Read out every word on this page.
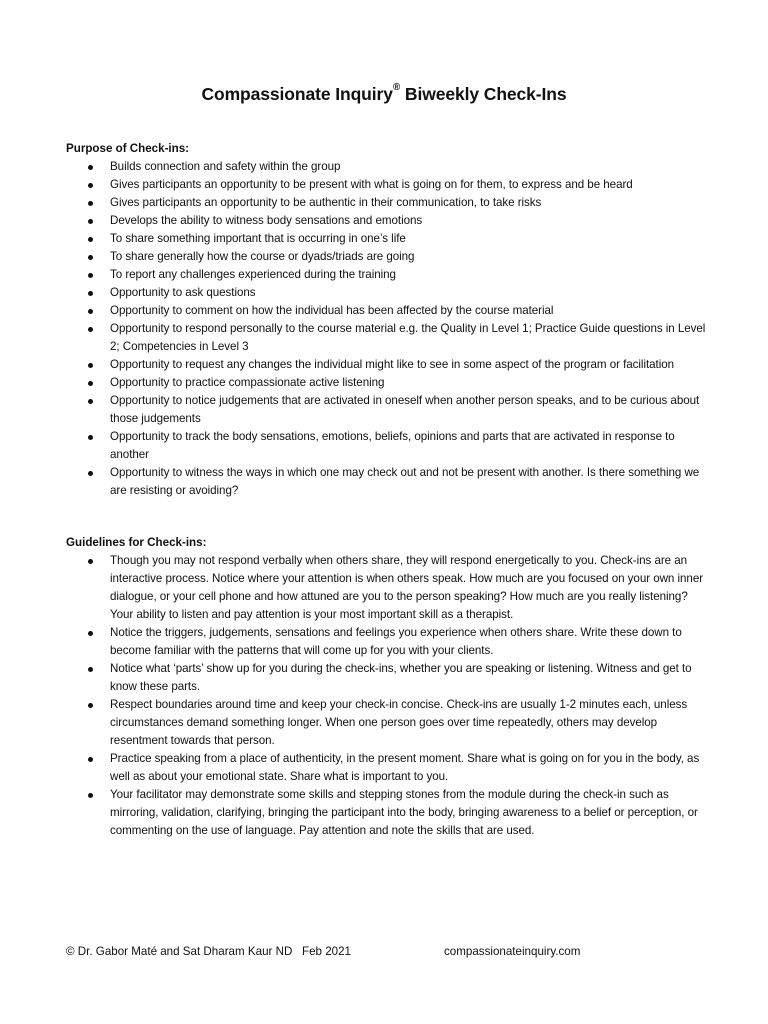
Compassionate Inquiry® Biweekly Check-Ins

Purpose of Check-ins:

Builds connection and safety within the group
Gives participants an opportunity to be present with what is going on for them, to express and be heard
Gives participants an opportunity to be authentic in their communication, to take risks
Develops the ability to witness body sensations and emotions
To share something important that is occurring in one’s life
To share generally how the course or dyads/triads are going
To report any challenges experienced during the training
Opportunity to ask questions
Opportunity to comment on how the individual has been affected by the course material
Opportunity to respond personally to the course material e.g. the Quality in Level 1; Practice Guide questions in Level 2; Competencies in Level 3
Opportunity to request any changes the individual might like to see in some aspect of the program or facilitation
Opportunity to practice compassionate active listening
Opportunity to notice judgements that are activated in oneself when another person speaks, and to be curious about those judgements
Opportunity to track the body sensations, emotions, beliefs, opinions and parts that are activated in response to another
Opportunity to witness the ways in which one may check out and not be present with another. Is there something we are resisting or avoiding?

Guidelines for Check-ins:

Though you may not respond verbally when others share, they will respond energetically to you. Check-ins are an interactive process. Notice where your attention is when others speak. How much are you focused on your own inner dialogue, or your cell phone and how attuned are you to the person speaking? How much are you really listening? Your ability to listen and pay attention is your most important skill as a therapist.
Notice the triggers, judgements, sensations and feelings you experience when others share. Write these down to become familiar with the patterns that will come up for you with your clients.
Notice what ‘parts’ show up for you during the check-ins, whether you are speaking or listening. Witness and get to know these parts.
Respect boundaries around time and keep your check-in concise. Check-ins are usually 1-2 minutes each, unless circumstances demand something longer. When one person goes over time repeatedly, others may develop resentment towards that person.
Practice speaking from a place of authenticity, in the present moment. Share what is going on for you in the body, as well as about your emotional state. Share what is important to you.
Your facilitator may demonstrate some skills and stepping stones from the module during the check-in such as mirroring, validation, clarifying, bringing the participant into the body, bringing awareness to a belief or perception, or commenting on the use of language. Pay attention and note the skills that are used.
© Dr. Gabor Maté and Sat Dharam Kaur ND   Feb 2021	compassionateinquiry.com
